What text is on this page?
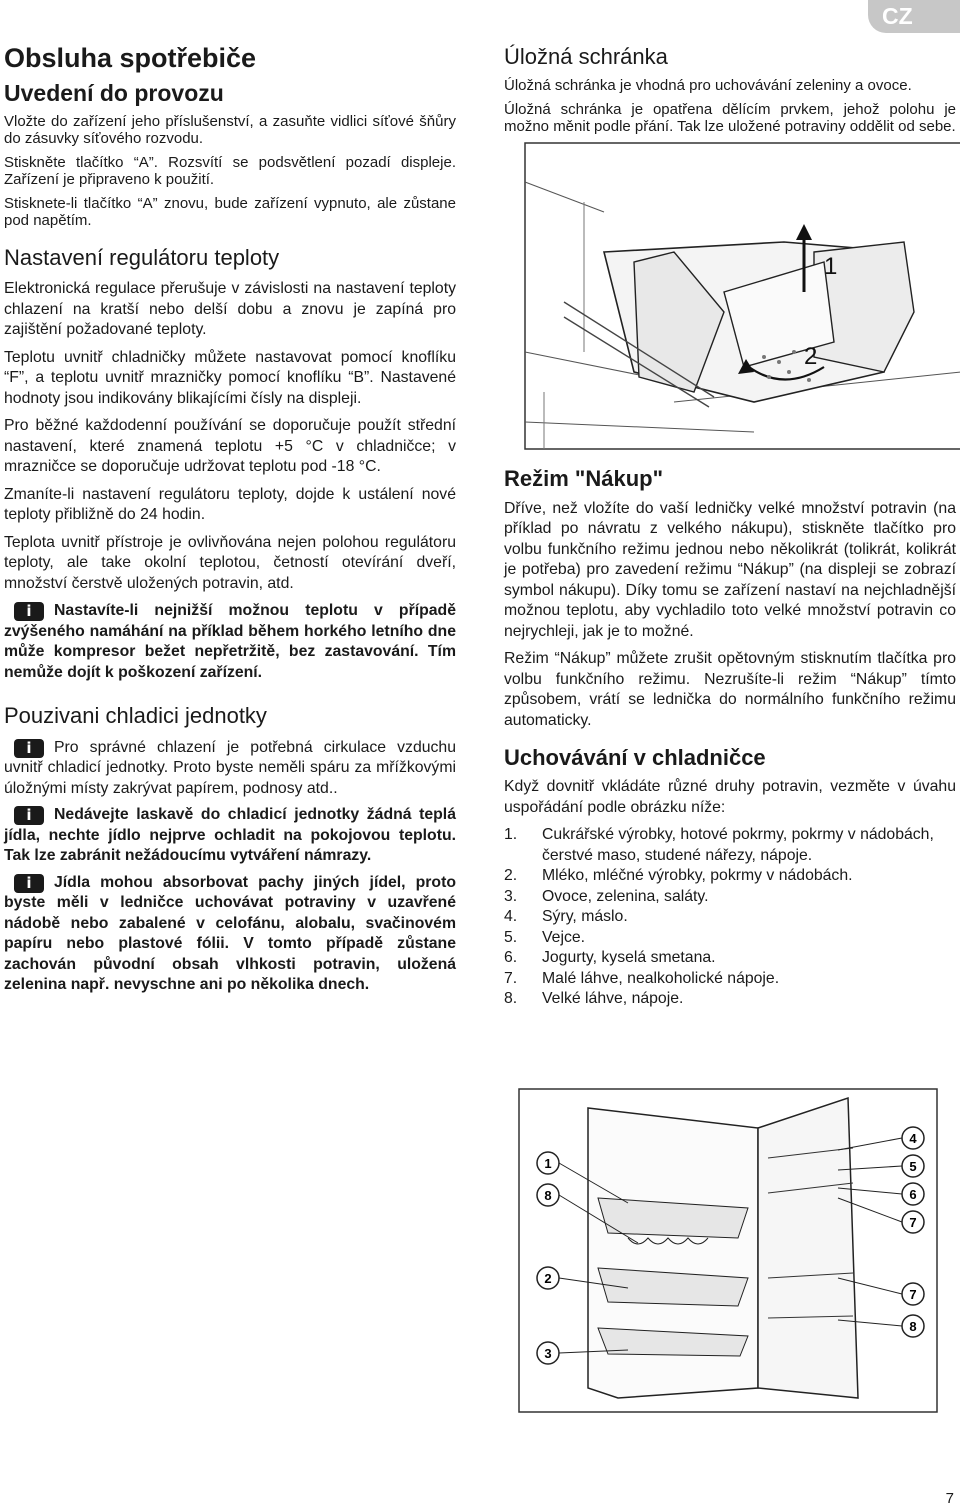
CZ
Obsluha spotřebiče
Uvedení do provozu

Vložte do zařízení jeho příslušenství, a zasuňte vidlici síťové šňůry do zásuvky síťového rozvodu.

Stiskněte tlačítko “A”. Rozsvítí se podsvětlení pozadí displeje. Zařízení je připraveno k použití.

Stisknete-li tlačítko “A” znovu, bude zařízení vypnuto, ale zůstane pod napětím.

Nastavení regulátoru teploty

Elektronická regulace přerušuje v závislosti na nastavení teploty chlazení na kratší nebo delší dobu a znovu je zapíná pro zajištění požadované teploty.

Teplotu uvnitř chladničky můžete nastavovat pomocí knoflíku “F”, a teplotu uvnitř mrazničky pomocí knoflíku “B”. Nastavené hodnoty jsou indikovány blikajícími čísly na displeji.

Pro běžné každodenní používání se doporučuje použít střední nastavení, které znamená teplotu +5 °C v chladničce; v mrazničce se doporučuje udržovat teplotu pod -18 °C.

Zmaníte-li nastavení regulátoru teploty, dojde k ustálení nové teploty přibližně do 24 hodin.

Teplota uvnitř přístroje je ovlivňována nejen polohou regulátoru teploty, ale take okolní teplotou, četností otevírání dveří, množství čerstvě uložených potravin, atd.

i	Nastavíte-li nejnižší možnou teplotu v případě zvýšeného namáhání na příklad během horkého letního dne může kompresor bežet nepřetržitě, bez zastavování. Tím nemůže dojít k poškození zařízení.
Pouzivani chladici jednotky
i	Pro správné chlazení je potřebná cirkulace vzduchu uvnitř chladicí jednotky. Proto byste neměli spáru za mřížkovými úložnými místy zakrývat papírem, podnosy atd..
i	Nedávejte laskavě do chladicí jednotky žádná teplá jídla, nechte jídlo nejprve ochladit na pokojovou teplotu. Tak lze zabránit nežádoucímu vytváření námrazy.
i	Jídla mohou absorbovat pachy jiných jídel, proto byste měli v ledničce uchovávat potraviny v uzavřené nádobě nebo zabalené v celofánu, alobalu, svačinovém papíru nebo plastové fólii. V tomto případě zůstane zachován původní obsah vlhkosti potravin, uložená zelenina např. nevyschne ani po několika dnech.
Úložná schránka

Úložná schránka je vhodná pro uchovávání zeleniny a ovoce.

Úložná schránka je opatřena dělícím prvkem, jehož polohu je možno měnit podle přání. Tak lze uložené potraviny oddělit od sebe.

1
2
Režim "Nákup"

Dříve, než vložíte do vaší ledničky velké množství potravin (na příklad po návratu z velkého nákupu), stiskněte tlačítko pro volbu funkčního režimu jednou nebo několikrát (tolikrát, kolikrát je potřeba) pro zavedení režimu “Nákup” (na displeji se zobrazí symbol nákupu). Díky tomu se zařízení nastaví na nejchladnější možnou teplotu, aby vychladilo toto velké množství potravin co nejrychleji, jak je to možné.

Režim “Nákup” můžete zrušit opětovným stisknutím tlačítka pro volbu funkčního režimu. Nezrušíte-li režim “Nákup” tímto způsobem, vrátí se lednička do normálního funkčního režimu automaticky.

Uchovávání v chladničce

Když dovnitř vkládáte různé druhy potravin, vezměte v úvahu uspořádání podle obrázku níže:

1.	Cukrářské výrobky, hotové pokrmy, pokrmy v nádobách, čerstvé maso, studené nářezy, nápoje.
2.	Mléko, mléčné výrobky, pokrmy v nádobách.
3.	Ovoce, zelenina, saláty.
4.	Sýry, máslo.
5.	Vejce.
6.	Jogurty, kyselá smetana.
7.	Malé láhve, nealkoholické nápoje.
8.	Velké láhve, nápoje.
1
8
2
3
4
5
6
7
7
8
7
